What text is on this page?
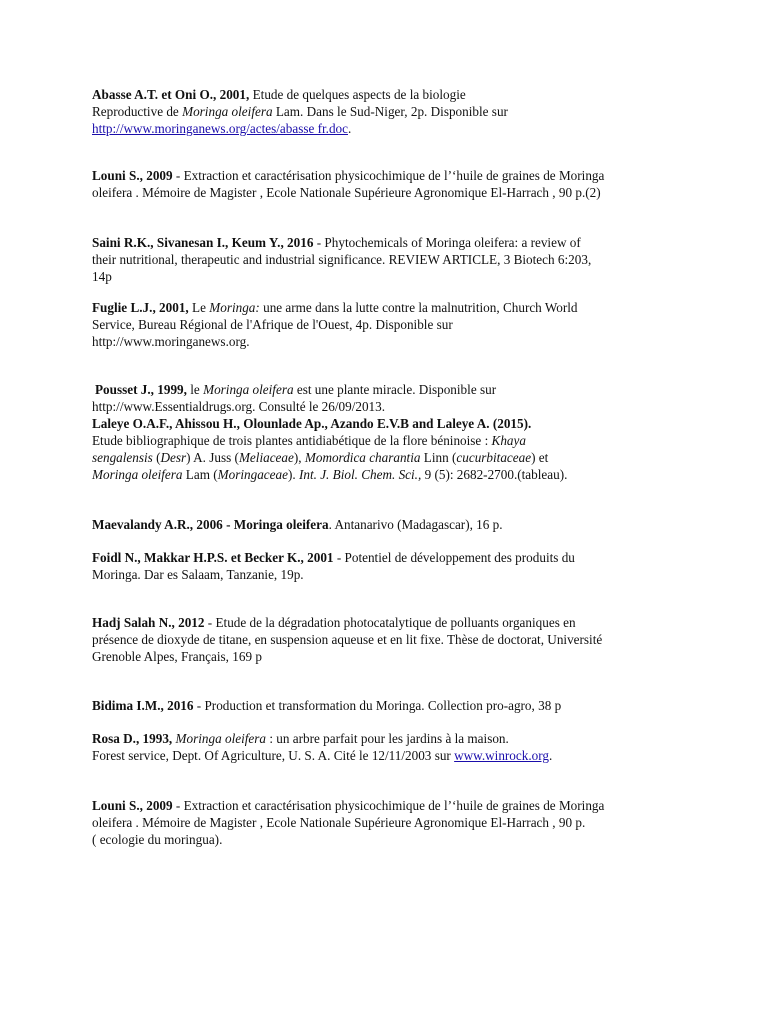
Abasse A.T. et Oni O., 2001, Etude de quelques aspects de la biologie
Reproductive de Moringa oleifera Lam. Dans le Sud-Niger, 2p. Disponible sur
http://www.moringanews.org/actes/abasse fr.doc.
Louni S., 2009 - Extraction et caractérisation physicochimique de l’‘huile de graines de Moringa
oleifera . Mémoire de Magister , Ecole Nationale Supérieure Agronomique El-Harrach , 90 p.(2)
Saini R.K., Sivanesan I., Keum Y., 2016 - Phytochemicals of Moringa oleifera: a review of
their nutritional, therapeutic and industrial significance. REVIEW ARTICLE, 3 Biotech 6:203,
14p
Fuglie L.J., 2001, Le Moringa: une arme dans la lutte contre la malnutrition, Church World
Service, Bureau Régional de l'Afrique de l'Ouest, 4p. Disponible sur
http://www.moringanews.org.
Pousset J., 1999, le Moringa oleifera est une plante miracle. Disponible sur
http://www.Essentialdrugs.org. Consulté le 26/09/2013.
Laleye O.A.F., Ahissou H., Olounlade Ap., Azando E.V.B and Laleye A. (2015).
Etude bibliographique de trois plantes antidiabétique de la flore béninoise : Khaya
sengalensis (Desr) A. Juss (Meliaceae), Momordica charantia Linn (cucurbitaceae) et
Moringa oleifera Lam (Moringaceae). Int. J. Biol. Chem. Sci., 9 (5): 2682-2700.(tableau).
Maevalandy A.R., 2006 - Moringa oleifera. Antanarivo (Madagascar), 16 p.
Foidl N., Makkar H.P.S. et Becker K., 2001 - Potentiel de développement des produits du
Moringa. Dar es Salaam, Tanzanie, 19p.
Hadj Salah N., 2012 - Etude de la dégradation photocatalytique de polluants organiques en
présence de dioxyde de titane, en suspension aqueuse et en lit fixe. Thèse de doctorat, Université
Grenoble Alpes, Français, 169 p
Bidima I.M., 2016 - Production et transformation du Moringa. Collection pro-agro, 38 p
Rosa D., 1993, Moringa oleifera : un arbre parfait pour les jardins à la maison.
Forest service, Dept. Of Agriculture, U. S. A. Cité le 12/11/2003 sur www.winrock.org.
Louni S., 2009 - Extraction et caractérisation physicochimique de l’‘huile de graines de Moringa
oleifera . Mémoire de Magister , Ecole Nationale Supérieure Agronomique El-Harrach , 90 p.
( ecologie du moringua).
